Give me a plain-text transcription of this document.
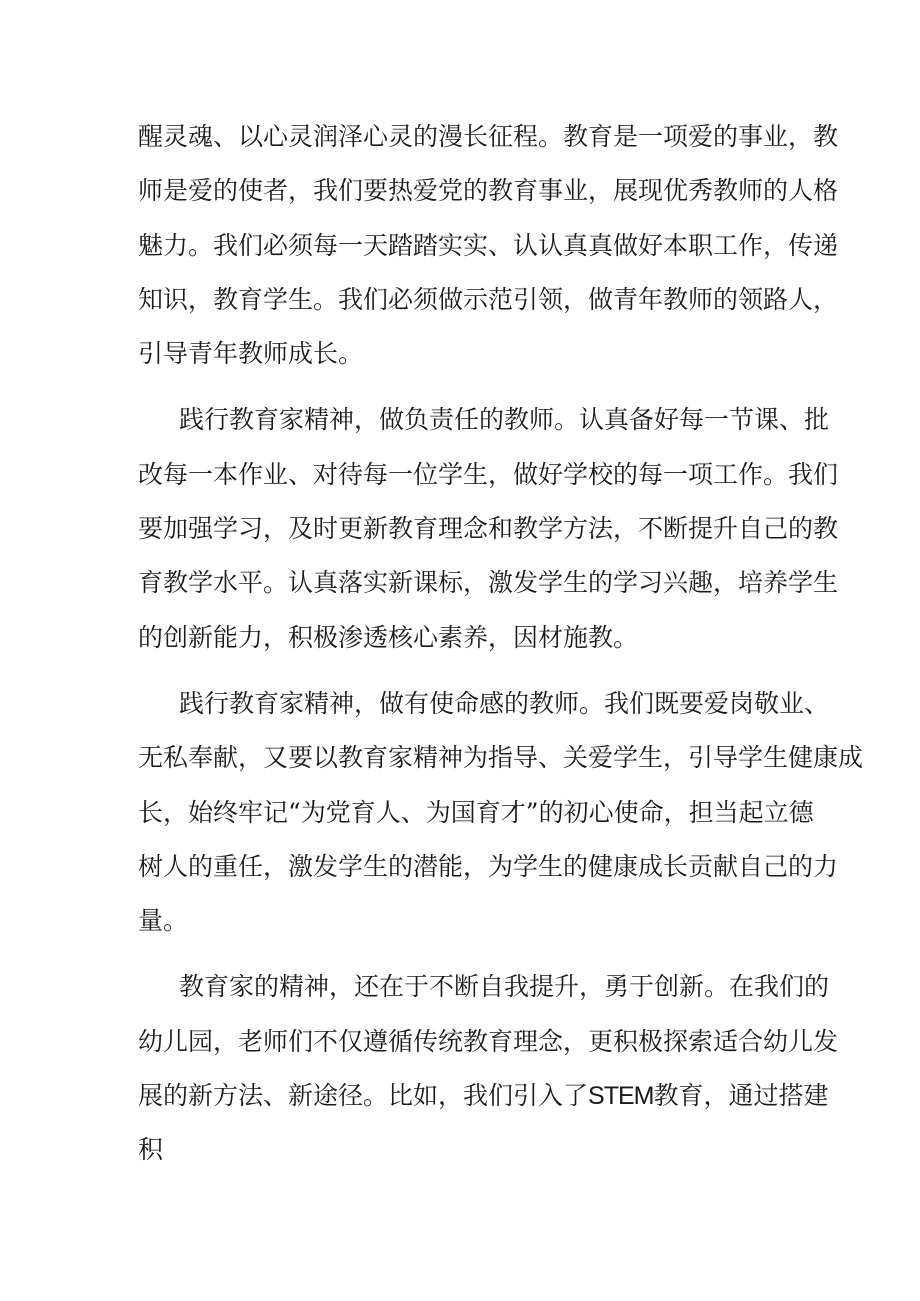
醒灵魂、以心灵润泽心灵的漫长征程。教育是一项爱的事业，教
师是爱的使者，我们要热爱党的教育事业，展现优秀教师的人格
魅力。我们必须每一天踏踏实实、认认真真做好本职工作，传递
知识，教育学生。我们必须做示范引领，做青年教师的领路人，
引导青年教师成长。
践行教育家精神，做负责任的教师。认真备好每一节课、批
改每一本作业、对待每一位学生，做好学校的每一项工作。我们
要加强学习，及时更新教育理念和教学方法，不断提升自己的教
育教学水平。认真落实新课标，激发学生的学习兴趣，培养学生
的创新能力，积极渗透核心素养，因材施教。
践行教育家精神，做有使命感的教师。我们既要爱岗敬业、
无私奉献，又要以教育家精神为指导、关爱学生，引导学生健康成
长，始终牢记“为党育人、为国育才”的初心使命，担当起立德
树人的重任，激发学生的潜能，为学生的健康成长贡献自己的力
量。
教育家的精神，还在于不断自我提升，勇于创新。在我们的
幼儿园，老师们不仅遵循传统教育理念，更积极探索适合幼儿发
展的新方法、新途径。比如，我们引入了STEM教育，通过搭建
积
